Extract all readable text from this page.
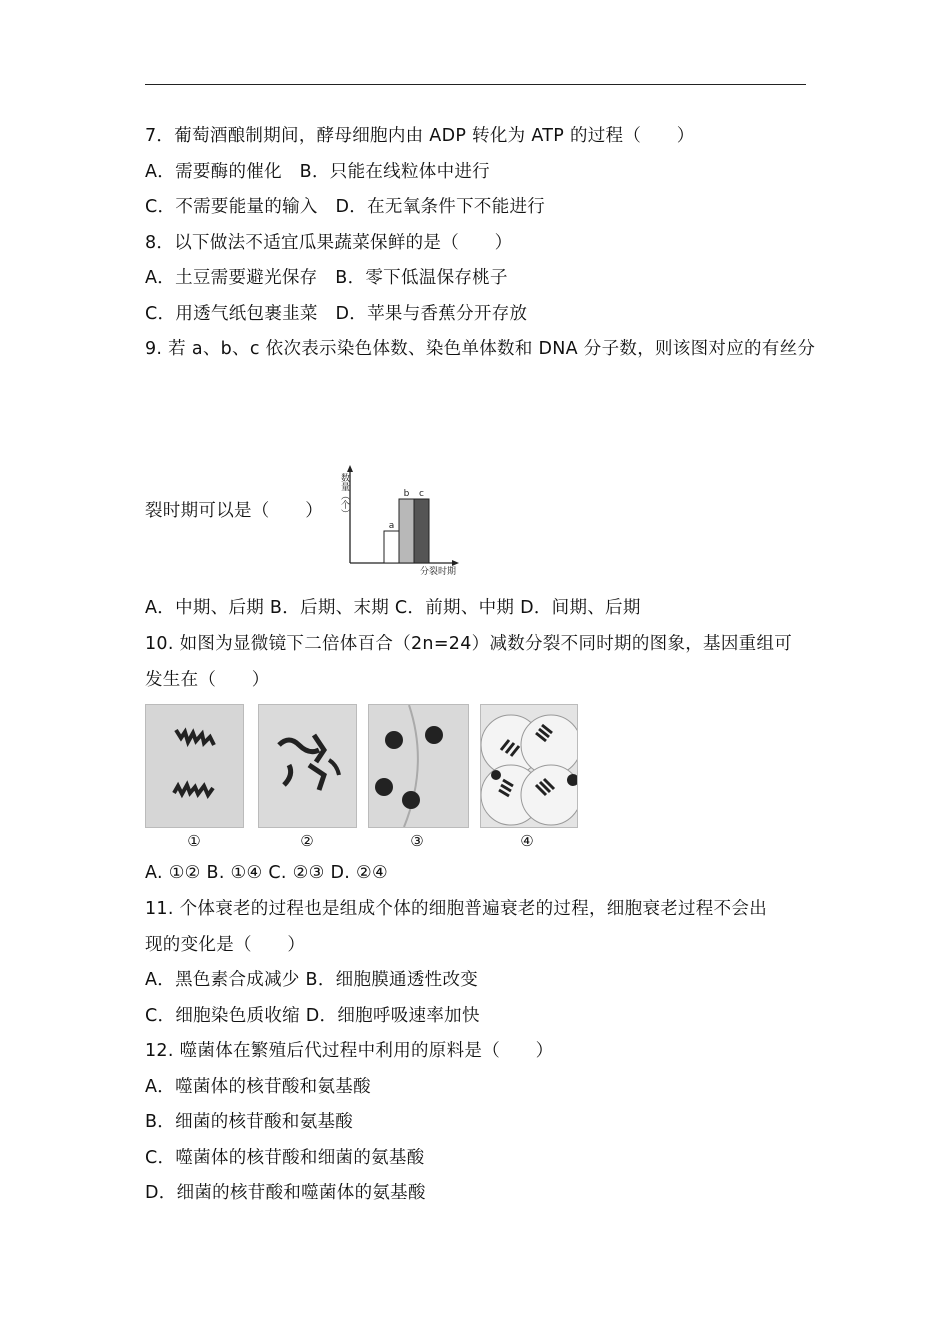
7．葡萄酒酿制期间，酵母细胞内由 ADP 转化为 ATP 的过程（　　）
A．需要酶的催化　B．只能在线粒体中进行
C．不需要能量的输入　D．在无氧条件下不能进行
8．以下做法不适宜瓜果蔬菜保鲜的是（　　）
A．土豆需要避光保存　B．零下低温保存桃子
C．用透气纸包裹韭菜　D．苹果与香蕉分开存放
9. 若 a、b、c 依次表示染色体数、染色单体数和 DNA 分子数，则该图对应的有丝分
裂时期可以是（　　） 数量（个）
分裂时期
a
b c
A．中期、后期 B．后期、末期 C．前期、中期 D．间期、后期
10. 如图为显微镜下二倍体百合（2n=24）减数分裂不同时期的图象，基因重组可
发生在（　　）
①	②	③	④
A. ①② B. ①④ C. ②③ D. ②④
11. 个体衰老的过程也是组成个体的细胞普遍衰老的过程，细胞衰老过程不会出
现的变化是（　　）
A．黑色素合成减少 B．细胞膜通透性改变
C．细胞染色质收缩 D．细胞呼吸速率加快
12. 噬菌体在繁殖后代过程中利用的原料是（　　）
A．噬菌体的核苷酸和氨基酸
B．细菌的核苷酸和氨基酸
C．噬菌体的核苷酸和细菌的氨基酸
D．细菌的核苷酸和噬菌体的氨基酸
